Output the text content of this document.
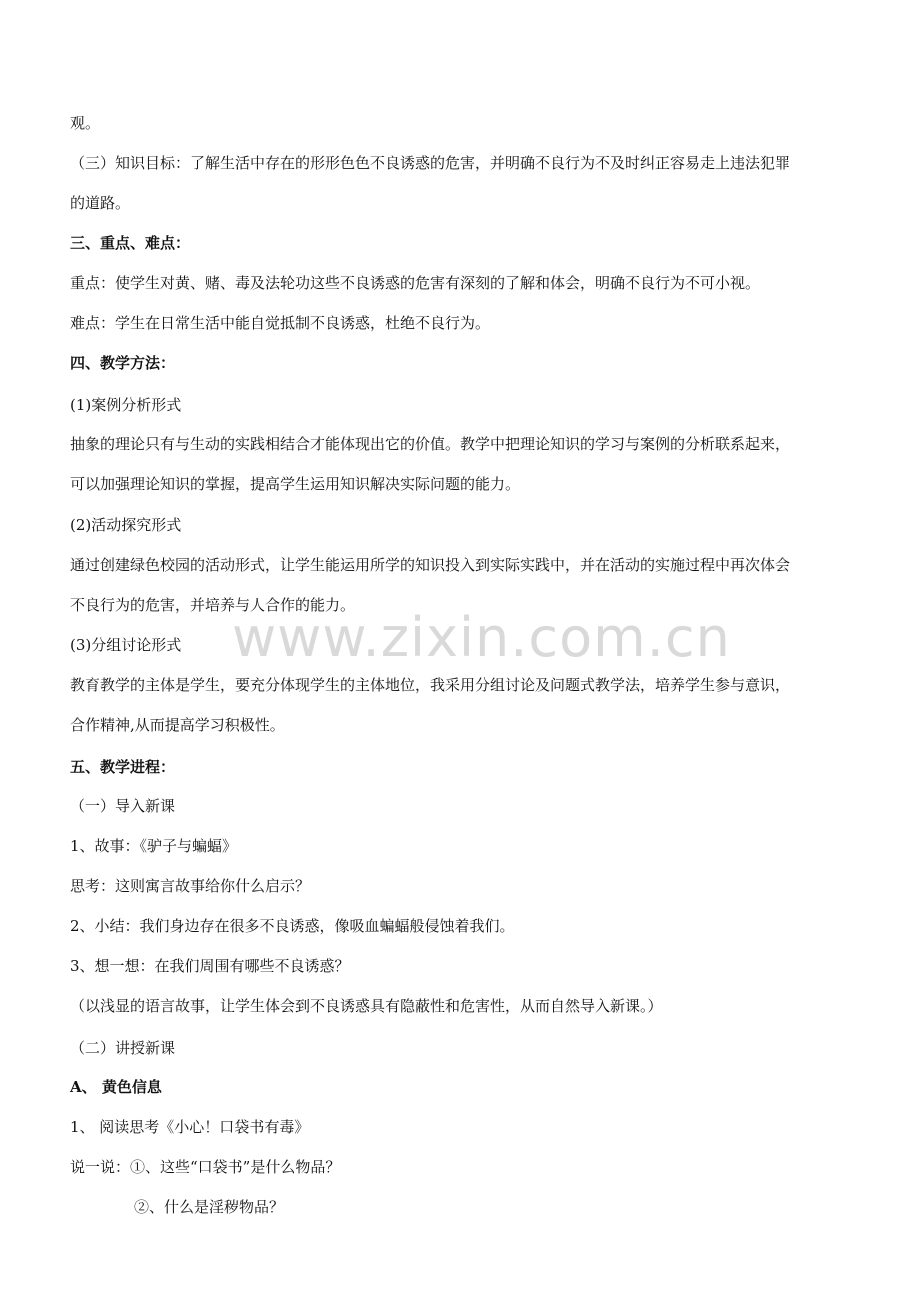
www.zixin.com.cn
观。
（三）知识目标：了解生活中存在的形形色色不良诱惑的危害，并明确不良行为不及时纠正容易走上违法犯罪
的道路。
三、重点、难点：
重点：使学生对黄、赌、毒及法轮功这些不良诱惑的危害有深刻的了解和体会，明确不良行为不可小视。
难点：学生在日常生活中能自觉抵制不良诱惑，杜绝不良行为。
四、教学方法：
(1)案例分析形式
抽象的理论只有与生动的实践相结合才能体现出它的价值。教学中把理论知识的学习与案例的分析联系起来，
可以加强理论知识的掌握，提高学生运用知识解决实际问题的能力。
(2)活动探究形式
通过创建绿色校园的活动形式，让学生能运用所学的知识投入到实际实践中，并在活动的实施过程中再次体会
不良行为的危害，并培养与人合作的能力。
(3)分组讨论形式
教育教学的主体是学生，要充分体现学生的主体地位，我采用分组讨论及问题式教学法，培养学生参与意识，
合作精神,从而提高学习积极性。
五、教学进程：
（一）导入新课
1、故事：《驴子与蝙蝠》
思考：这则寓言故事给你什么启示？
2、小结：我们身边存在很多不良诱惑，像吸血蝙蝠般侵蚀着我们。
3、想一想：在我们周围有哪些不良诱惑？
（以浅显的语言故事，让学生体会到不良诱惑具有隐蔽性和危害性，从而自然导入新课。）
（二）讲授新课
A、 黄色信息
1、 阅读思考《小心！口袋书有毒》
说一说：①、这些“口袋书”是什么物品？
②、什么是淫秽物品？
